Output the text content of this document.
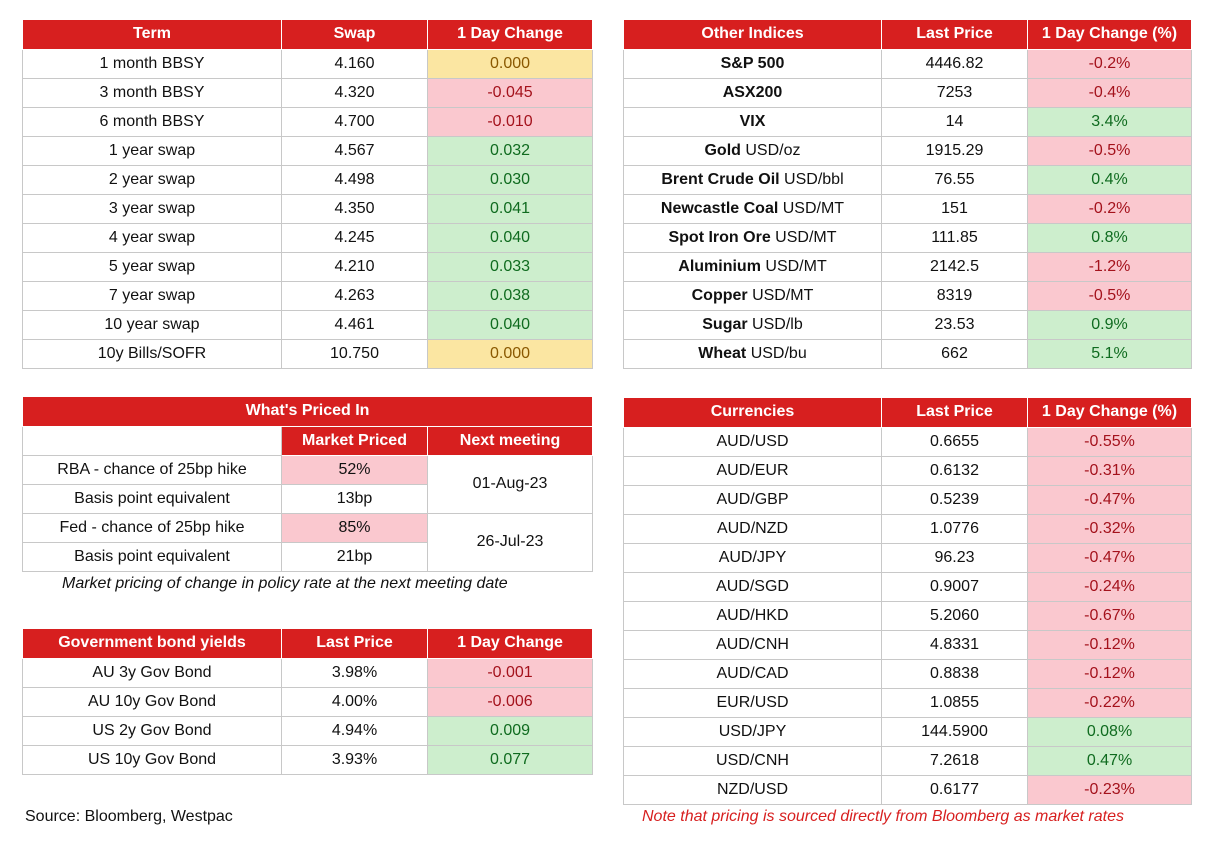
Term	Swap	1 Day Change
1 month BBSY	4.160	0.000
3 month BBSY	4.320	-0.045
6 month BBSY	4.700	-0.010
1 year swap	4.567	0.032
2 year swap	4.498	0.030
3 year swap	4.350	0.041
4 year swap	4.245	0.040
5 year swap	4.210	0.033
7 year swap	4.263	0.038
10 year swap	4.461	0.040
10y Bills/SOFR	10.750	0.000
Other Indices	Last Price	1 Day Change (%)
S&P 500	4446.82	-0.2%
ASX200	7253	-0.4%
VIX	14	3.4%
Gold USD/oz	1915.29	-0.5%
Brent Crude Oil USD/bbl	76.55	0.4%
Newcastle Coal USD/MT	151	-0.2%
Spot Iron Ore USD/MT	111.85	0.8%
Aluminium USD/MT	2142.5	-1.2%
Copper USD/MT	8319	-0.5%
Sugar USD/lb	23.53	0.9%
Wheat USD/bu	662	5.1%
What's Priced In		
	Market Priced	Next meeting
RBA - chance of 25bp hike	52%	01-Aug-23
Basis point equivalent	13bp	
Fed - chance of 25bp hike	85%	26-Jul-23
Basis point equivalent	21bp	
Market pricing of change in policy rate at the next meeting date
Government bond yields	Last Price	1 Day Change
AU 3y Gov Bond	3.98%	-0.001
AU 10y Gov Bond	4.00%	-0.006
US 2y Gov Bond	4.94%	0.009
US 10y Gov Bond	3.93%	0.077
Currencies	Last Price	1 Day Change (%)
AUD/USD	0.6655	-0.55%
AUD/EUR	0.6132	-0.31%
AUD/GBP	0.5239	-0.47%
AUD/NZD	1.0776	-0.32%
AUD/JPY	96.23	-0.47%
AUD/SGD	0.9007	-0.24%
AUD/HKD	5.2060	-0.67%
AUD/CNH	4.8331	-0.12%
AUD/CAD	0.8838	-0.12%
EUR/USD	1.0855	-0.22%
USD/JPY	144.5900	0.08%
USD/CNH	7.2618	0.47%
NZD/USD	0.6177	-0.23%
Source: Bloomberg, Westpac	Note that pricing is sourced directly from Bloomberg as market rates
